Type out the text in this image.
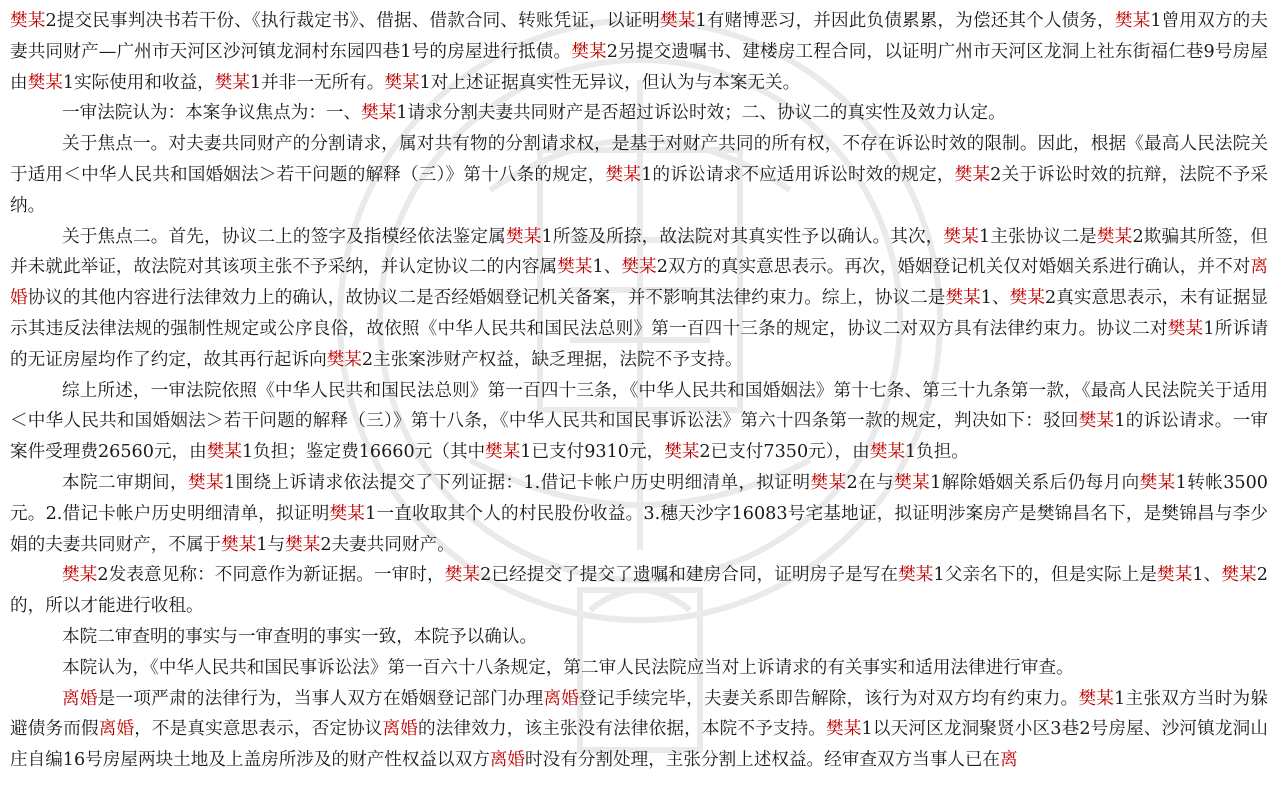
樊某2提交民事判决书若干份、《执行裁定书》、借据、借款合同、转账凭证，以证明樊某1有赌博恶习，并因此负债累累，为偿还其个人债务，樊某1曾用双方的夫妻共同财产—广州市天河区沙河镇龙洞村东园四巷1号的房屋进行抵债。樊某2另提交遗嘱书、建楼房工程合同，以证明广州市天河区龙洞上社东街福仁巷9号房屋由樊某1实际使用和收益，樊某1并非一无所有。樊某1对上述证据真实性无异议，但认为与本案无关。

一审法院认为：本案争议焦点为：一、樊某1请求分割夫妻共同财产是否超过诉讼时效；二、协议二的真实性及效力认定。

关于焦点一。对夫妻共同财产的分割请求，属对共有物的分割请求权，是基于对财产共同的所有权，不存在诉讼时效的限制。因此，根据《最高人民法院关于适用＜中华人民共和国婚姻法＞若干问题的解释（三）》第十八条的规定，樊某1的诉讼请求不应适用诉讼时效的规定，樊某2关于诉讼时效的抗辩，法院不予采纳。

关于焦点二。首先，协议二上的签字及指模经依法鉴定属樊某1所签及所捺，故法院对其真实性予以确认。其次，樊某1主张协议二是樊某2欺骗其所签，但并未就此举证，故法院对其该项主张不予采纳，并认定协议二的内容属樊某1、樊某2双方的真实意思表示。再次，婚姻登记机关仅对婚姻关系进行确认，并不对离婚协议的其他内容进行法律效力上的确认，故协议二是否经婚姻登记机关备案，并不影响其法律约束力。综上，协议二是樊某1、樊某2真实意思表示，未有证据显示其违反法律法规的强制性规定或公序良俗，故依照《中华人民共和国民法总则》第一百四十三条的规定，协议二对双方具有法律约束力。协议二对樊某1所诉请的无证房屋均作了约定，故其再行起诉向樊某2主张案涉财产权益，缺乏理据，法院不予支持。

综上所述，一审法院依照《中华人民共和国民法总则》第一百四十三条，《中华人民共和国婚姻法》第十七条、第三十九条第一款，《最高人民法院关于适用＜中华人民共和国婚姻法＞若干问题的解释（三）》第十八条，《中华人民共和国民事诉讼法》第六十四条第一款的规定，判决如下：驳回樊某1的诉讼请求。一审案件受理费26560元，由樊某1负担；鉴定费16660元（其中樊某1已支付9310元，樊某2已支付7350元），由樊某1负担。

本院二审期间，樊某1围绕上诉请求依法提交了下列证据：1.借记卡帐户历史明细清单，拟证明樊某2在与樊某1解除婚姻关系后仍每月向樊某1转帐3500元。2.借记卡帐户历史明细清单，拟证明樊某1一直收取其个人的村民股份收益。3.穗天沙字16083号宅基地证，拟证明涉案房产是樊锦昌名下，是樊锦昌与李少娟的夫妻共同财产，不属于樊某1与樊某2夫妻共同财产。

樊某2发表意见称：不同意作为新证据。一审时，樊某2已经提交了提交了遗嘱和建房合同，证明房子是写在樊某1父亲名下的，但是实际上是樊某1、樊某2的，所以才能进行收租。

本院二审查明的事实与一审查明的事实一致，本院予以确认。

本院认为，《中华人民共和国民事诉讼法》第一百六十八条规定，第二审人民法院应当对上诉请求的有关事实和适用法律进行审查。

离婚是一项严肃的法律行为，当事人双方在婚姻登记部门办理离婚登记手续完毕，夫妻关系即告解除，该行为对双方均有约束力。樊某1主张双方当时为躲避债务而假离婚，不是真实意思表示，否定协议离婚的法律效力，该主张没有法律依据，本院不予支持。樊某1以天河区龙洞聚贤小区3巷2号房屋、沙河镇龙洞山庄自编16号房屋两块土地及上盖房所涉及的财产性权益以双方离婚时没有分割处理，主张分割上述权益。经审查双方当事人已在离
